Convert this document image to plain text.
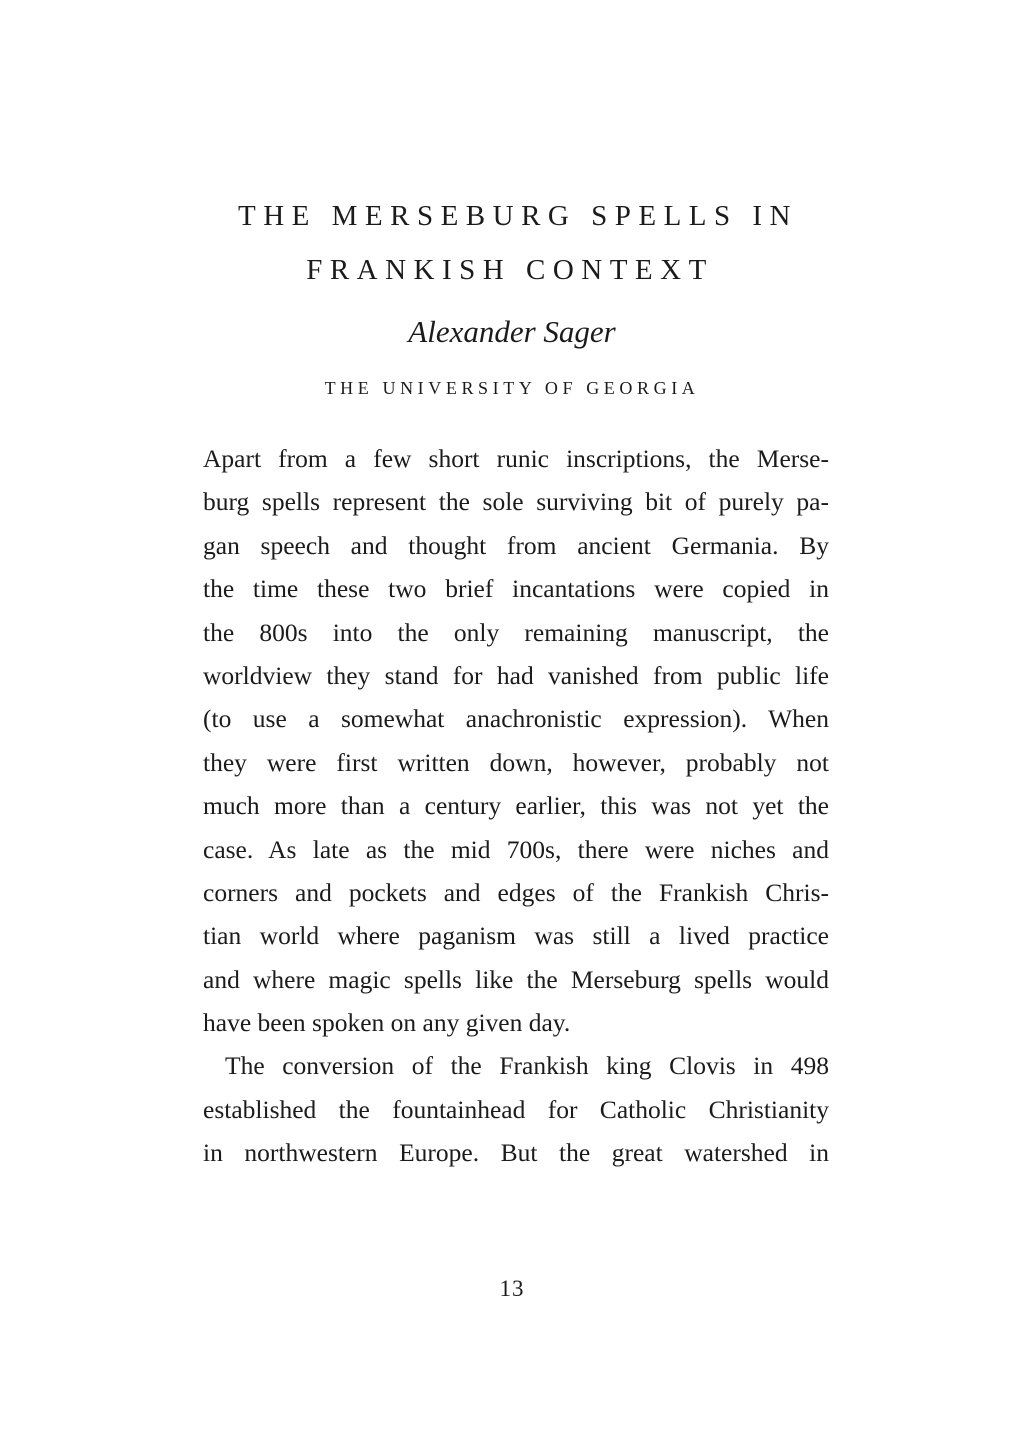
THE MERSEBURG SPELLS IN
FRANKISH CONTEXT
Alexander Sager
THE UNIVERSITY OF GEORGIA
Apart from a few short runic inscriptions, the Merse-
burg spells represent the sole surviving bit of purely pa-
gan speech and thought from ancient Germania. By
the time these two brief incantations were copied in
the 800s into the only remaining manuscript, the
worldview they stand for had vanished from public life
(to use a somewhat anachronistic expression). When
they were first written down, however, probably not
much more than a century earlier, this was not yet the
case. As late as the mid 700s, there were niches and
corners and pockets and edges of the Frankish Chris-
tian world where paganism was still a lived practice
and where magic spells like the Merseburg spells would
have been spoken on any given day.
The conversion of the Frankish king Clovis in 498
established the fountainhead for Catholic Christianity
in northwestern Europe. But the great watershed in
13
